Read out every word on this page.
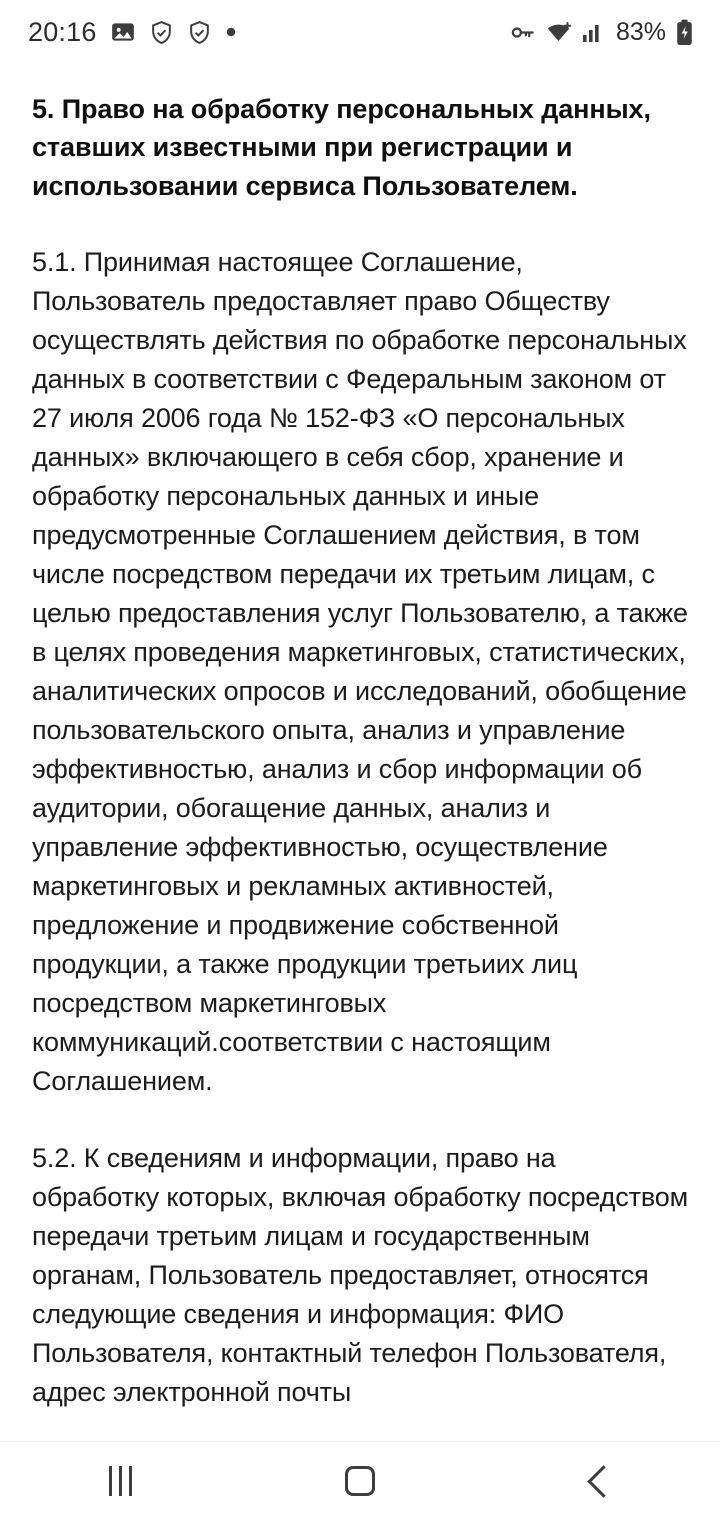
20:16	83%
5. Право на обработку персональных данных, ставших известными при регистрации и использовании сервиса Пользователем.

5.1. Принимая настоящее Соглашение, Пользователь предоставляет право Обществу осуществлять действия по обработке персональных данных в соответствии с Федеральным законом от 27 июля 2006 года № 152-ФЗ «О персональных данных» включающего в себя сбор, хранение и обработку персональных данных и иные предусмотренные Соглашением действия, в том числе посредством передачи их третьим лицам, с целью предоставления услуг Пользователю, а также в целях проведения маркетинговых, статистических, аналитических опросов и исследований, обобщение пользовательского опыта, анализ и управление эффективностью, анализ и сбор информации об аудитории, обогащение данных, анализ и управление эффективностью, осуществление маркетинговых и рекламных активностей, предложение и продвижение собственной продукции, а также продукции третьиих лиц посредством маркетинговых коммуникаций.соответствии с настоящим Соглашением.

5.2. К сведениям и информации, право на обработку которых, включая обработку посредством передачи третьим лицам и государственным органам, Пользователь предоставляет, относятся следующие сведения и информация: ФИО Пользователя, контактный телефон Пользователя, адрес электронной почты
